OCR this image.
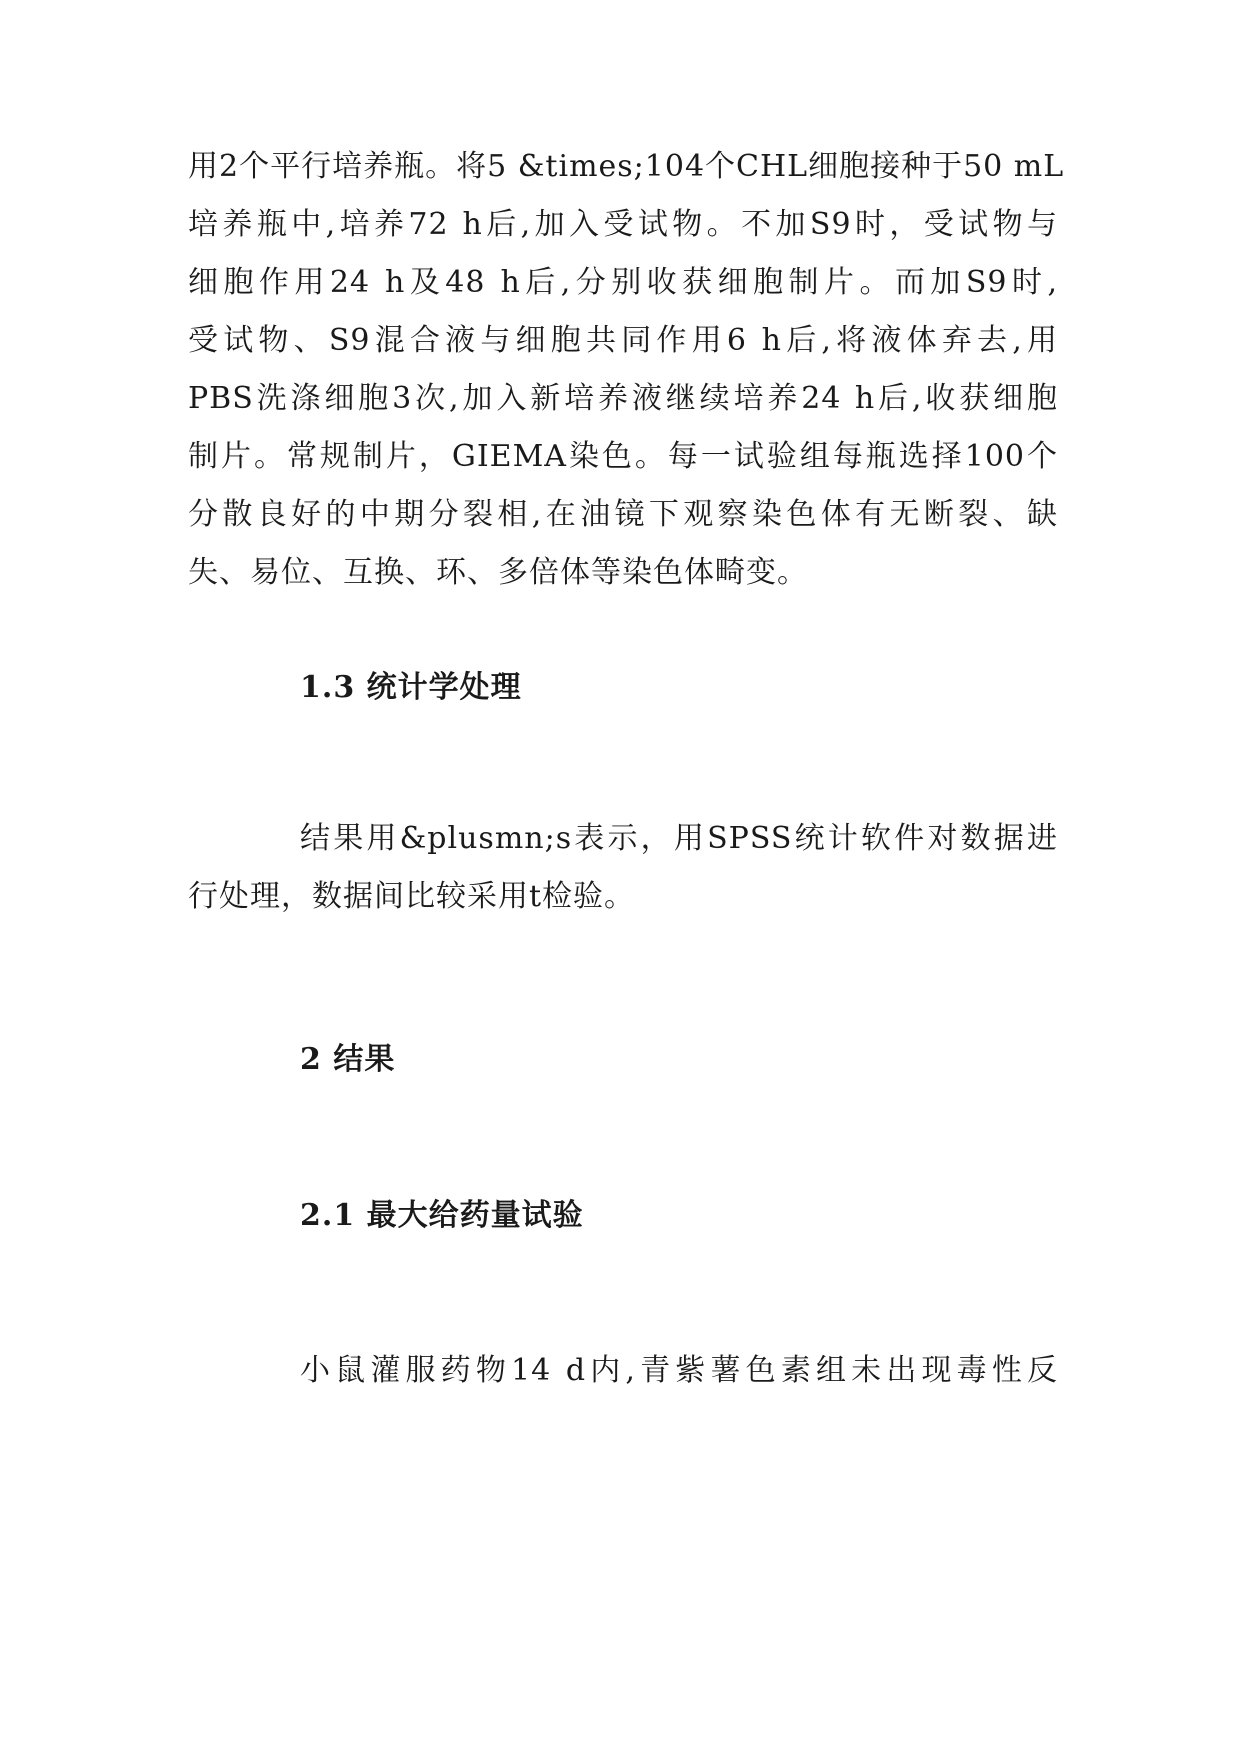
用2个平行培养瓶。将5 &times;104个CHL细胞接种于50 mL
培养瓶中,培养72 h后,加入受试物。不加S9时，受试物与
细胞作用24 h及48 h后,分别收获细胞制片。而加S9时,
受试物、S9混合液与细胞共同作用6 h后,将液体弃去,用
PBS洗涤细胞3次,加入新培养液继续培养24 h后,收获细胞
制片。常规制片，GIEMA染色。每一试验组每瓶选择100个
分散良好的中期分裂相,在油镜下观察染色体有无断裂、缺
失、易位、互换、环、多倍体等染色体畸变。
1.3 统计学处理
结果用&plusmn;s表示，用SPSS统计软件对数据进
行处理，数据间比较采用t检验。
2 结果
2.1 最大给药量试验
小鼠灌服药物14 d内,青紫薯色素组未出现毒性反
